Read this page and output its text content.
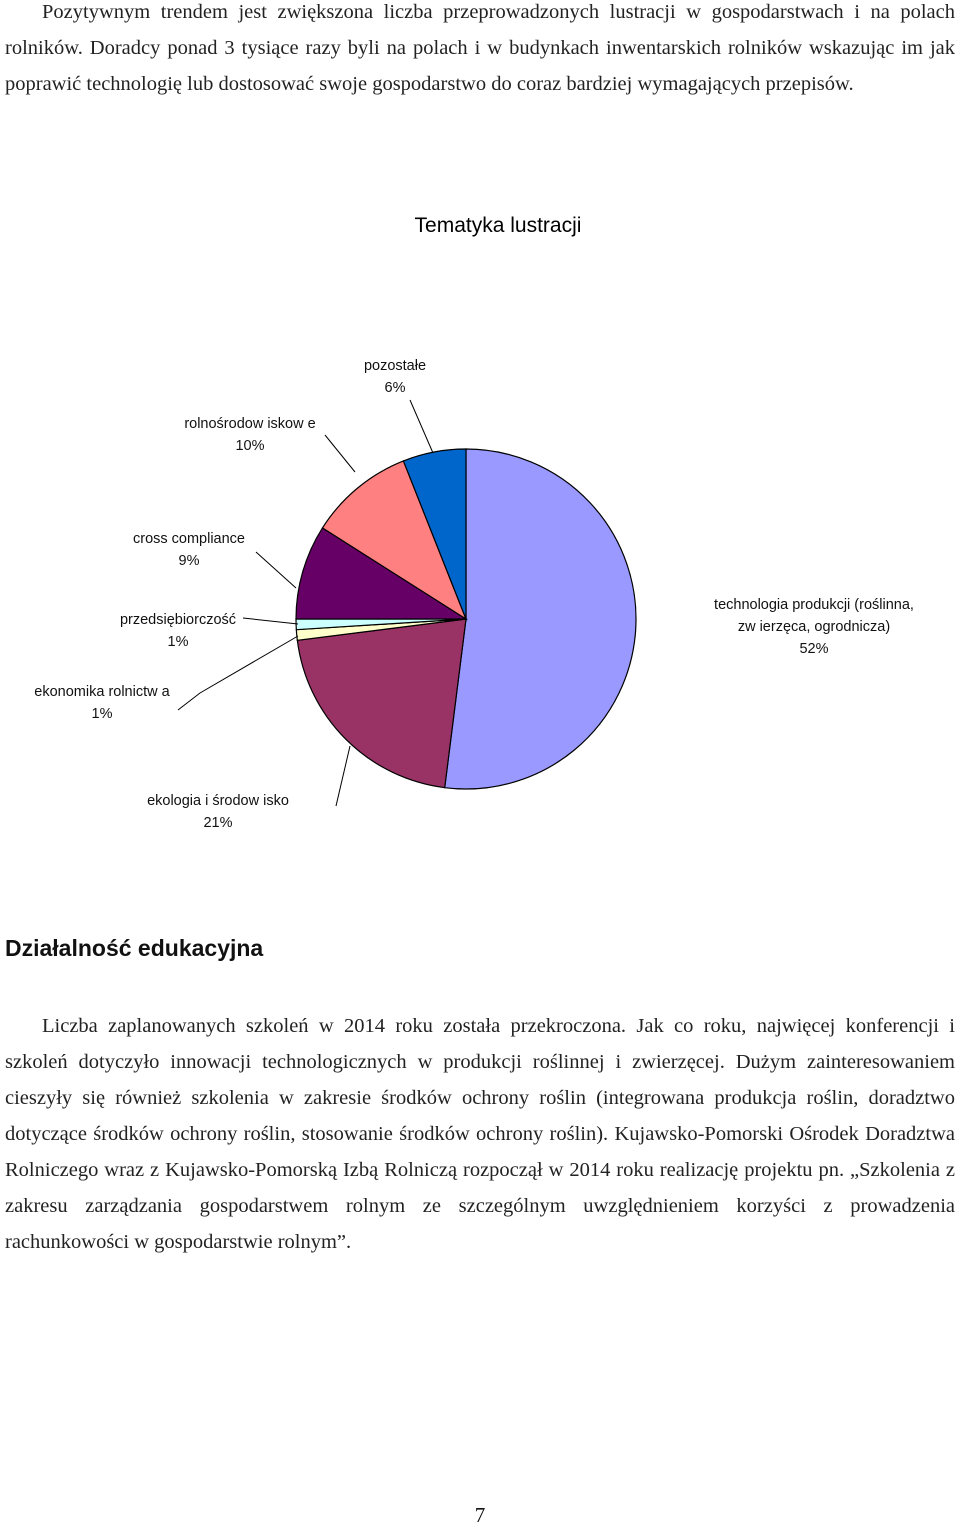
Pozytywnym trendem jest zwiększona liczba przeprowadzonych lustracji w gospodarstwach i na polach rolników. Doradcy ponad 3 tysiące razy byli na polach i w budynkach inwentarskich rolników wskazując im jak poprawić technologię lub dostosować swoje gospodarstwo do coraz bardziej wymagających przepisów.

Tematyka lustracji
technologia produkcji (roślinna, zw ierzęca, ogrodnicza) 52%
ekologia i środow isko 21%
ekonomika rolnictw a 1%
przedsiębiorczość 1%
cross compliance 9%
rolnośrodow iskow e 10%
pozostałe 6%
Działalność edukacyjna

Liczba zaplanowanych szkoleń w 2014 roku została przekroczona. Jak co roku, najwięcej konferencji i szkoleń dotyczyło innowacji technologicznych w produkcji roślinnej i zwierzęcej. Dużym zainteresowaniem cieszyły się również szkolenia w zakresie środków ochrony roślin (integrowana produkcja roślin, doradztwo dotyczące środków ochrony roślin, stosowanie środków ochrony roślin). Kujawsko-Pomorski Ośrodek Doradztwa Rolniczego wraz z Kujawsko-Pomorską Izbą Rolniczą rozpoczął w 2014 roku realizację projektu pn. „Szkolenia z zakresu zarządzania gospodarstwem rolnym ze szczególnym uwzględnieniem korzyści z prowadzenia rachunkowości w gospodarstwie rolnym”.

7
